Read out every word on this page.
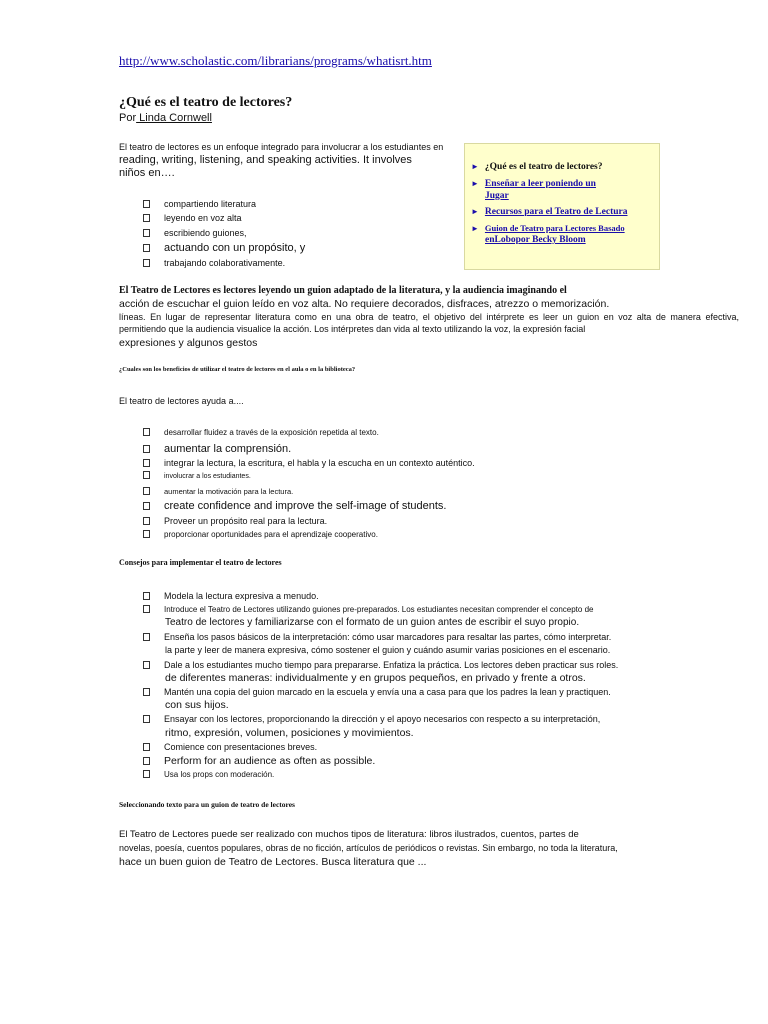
http://www.scholastic.com/librarians/programs/whatisrt.htm
¿Qué es el teatro de lectores?
Por Linda Cornwell
El teatro de lectores es un enfoque integrado para involucrar a los estudiantes en
reading, writing, listening, and speaking activities. It involves
niños en….
compartiendo literatura
leyendo en voz alta
escribiendo guiones,
actuando con un propósito, y
trabajando colaborativamente.
► ¿Qué es el teatro de lectores?
► Enseñar a leer poniendo un
Jugar
► Recursos para el Teatro de Lectura
► Guion de Teatro para Lectores Basado
enLobopor Becky Bloom
El Teatro de Lectores es lectores leyendo un guion adaptado de la literatura, y la audiencia imaginando el
acción de escuchar el guion leído en voz alta. No requiere decorados, disfraces, atrezzo o memorización.
líneas. En lugar de representar literatura como en una obra de teatro, el objetivo del intérprete es leer un guion en voz alta de manera efectiva,
permitiendo que la audiencia visualice la acción. Los intérpretes dan vida al texto utilizando la voz, la expresión facial
expresiones y algunos gestos
¿Cuales son los beneficios de utilizar el teatro de lectores en el aula o en la biblioteca?
El teatro de lectores ayuda a....
desarrollar fluidez a través de la exposición repetida al texto.
aumentar la comprensión.
integrar la lectura, la escritura, el habla y la escucha en un contexto auténtico.
involucrar a los estudiantes.
aumentar la motivación para la lectura.
create confidence and improve the self-image of students.
Proveer un propósito real para la lectura.
proporcionar oportunidades para el aprendizaje cooperativo.
Consejos para implementar el teatro de lectores
Modela la lectura expresiva a menudo.
Introduce el Teatro de Lectores utilizando guiones pre-preparados. Los estudiantes necesitan comprender el concepto de
Teatro de lectores y familiarizarse con el formato de un guion antes de escribir el suyo propio.
Enseña los pasos básicos de la interpretación: cómo usar marcadores para resaltar las partes, cómo interpretar.
la parte y leer de manera expresiva, cómo sostener el guion y cuándo asumir varias posiciones en el escenario.
Dale a los estudiantes mucho tiempo para prepararse. Enfatiza la práctica. Los lectores deben practicar sus roles.
de diferentes maneras: individualmente y en grupos pequeños, en privado y frente a otros.
Mantén una copia del guion marcado en la escuela y envía una a casa para que los padres la lean y practiquen.
con sus hijos.
Ensayar con los lectores, proporcionando la dirección y el apoyo necesarios con respecto a su interpretación,
ritmo, expresión, volumen, posiciones y movimientos.
Comience con presentaciones breves.
Perform for an audience as often as possible.
Usa los props con moderación.
Seleccionando texto para un guion de teatro de lectores
El Teatro de Lectores puede ser realizado con muchos tipos de literatura: libros ilustrados, cuentos, partes de
novelas, poesía, cuentos populares, obras de no ficción, artículos de periódicos o revistas. Sin embargo, no toda la literatura,
hace un buen guion de Teatro de Lectores. Busca literatura que ...
